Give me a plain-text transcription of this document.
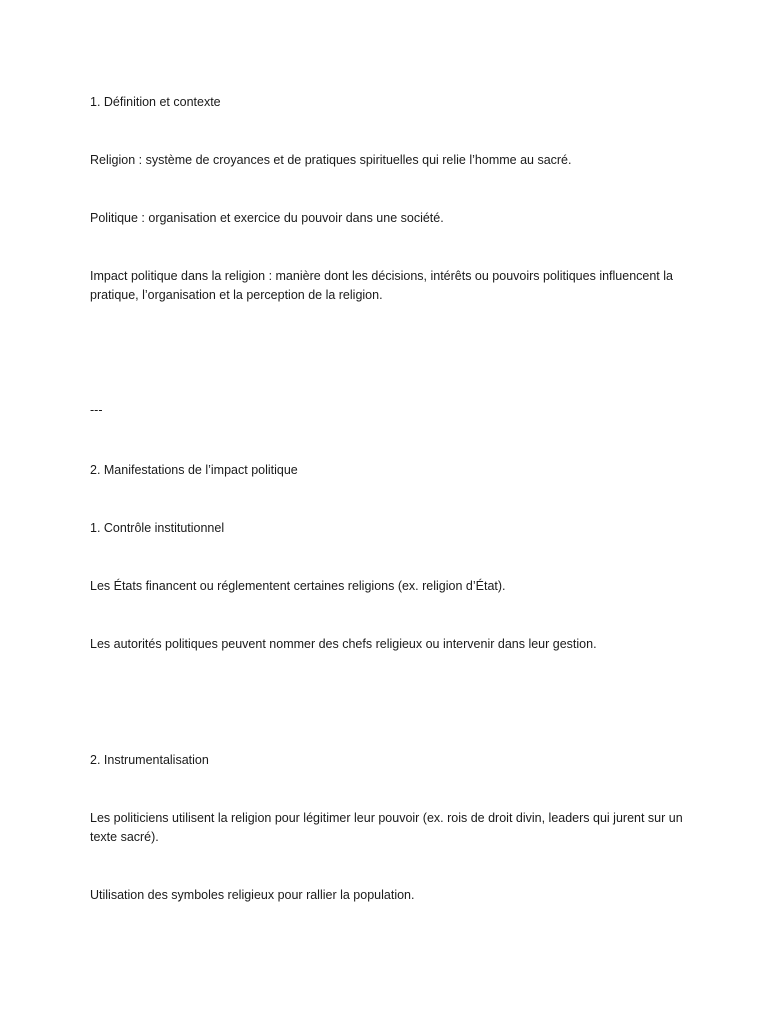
1. Définition et contexte

Religion : système de croyances et de pratiques spirituelles qui relie l’homme au sacré.

Politique : organisation et exercice du pouvoir dans une société.

Impact politique dans la religion : manière dont les décisions, intérêts ou pouvoirs politiques influencent la pratique, l’organisation et la perception de la religion.

---

2. Manifestations de l’impact politique

1. Contrôle institutionnel

Les États financent ou réglementent certaines religions (ex. religion d’État).

Les autorités politiques peuvent nommer des chefs religieux ou intervenir dans leur gestion.

2. Instrumentalisation

Les politiciens utilisent la religion pour légitimer leur pouvoir (ex. rois de droit divin, leaders qui jurent sur un texte sacré).

Utilisation des symboles religieux pour rallier la population.
